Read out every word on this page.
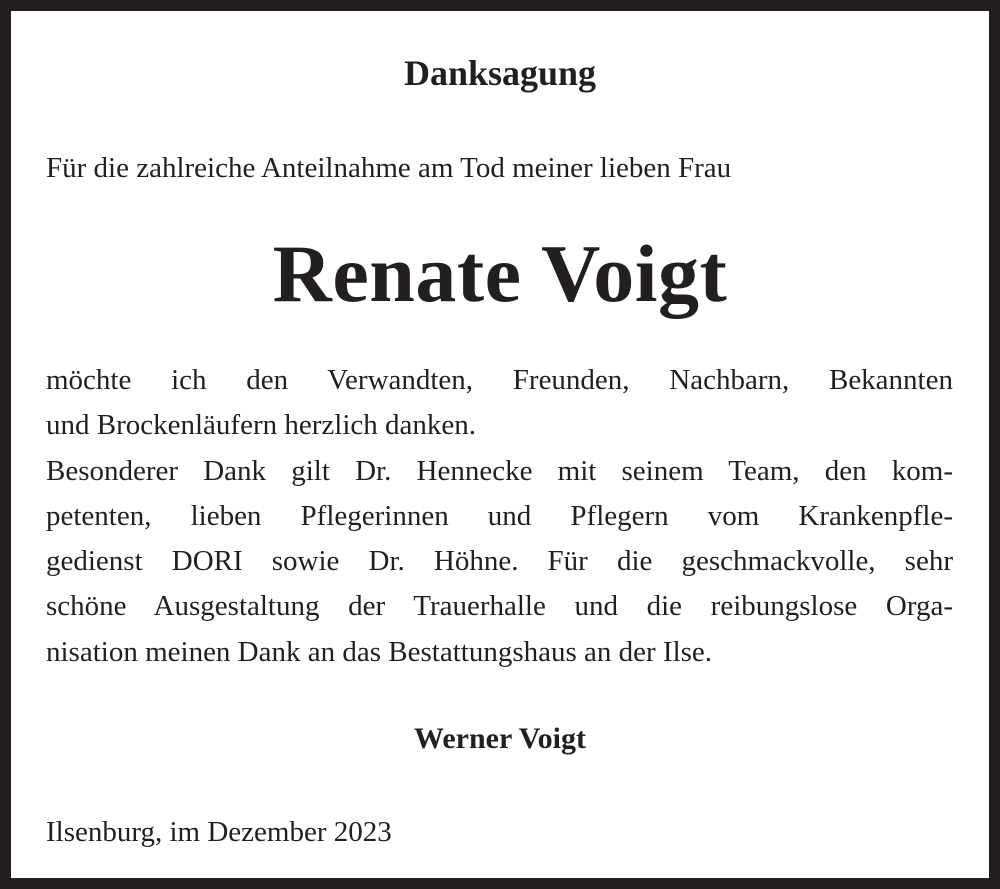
Danksagung
Für die zahlreiche Anteilnahme am Tod meiner lieben Frau
Renate Voigt
möchte ich den Verwandten, Freunden, Nachbarn, Bekannten
und Brockenläufern herzlich danken.
Besonderer Dank gilt Dr. Hennecke mit seinem Team, den kom-
petenten, lieben Pflegerinnen und Pflegern vom Krankenpfle-
gedienst DORI sowie Dr. Höhne. Für die geschmackvolle, sehr
schöne Ausgestaltung der Trauerhalle und die reibungslose Orga-
nisation meinen Dank an das Bestattungshaus an der Ilse.
Werner Voigt
Ilsenburg, im Dezember 2023
